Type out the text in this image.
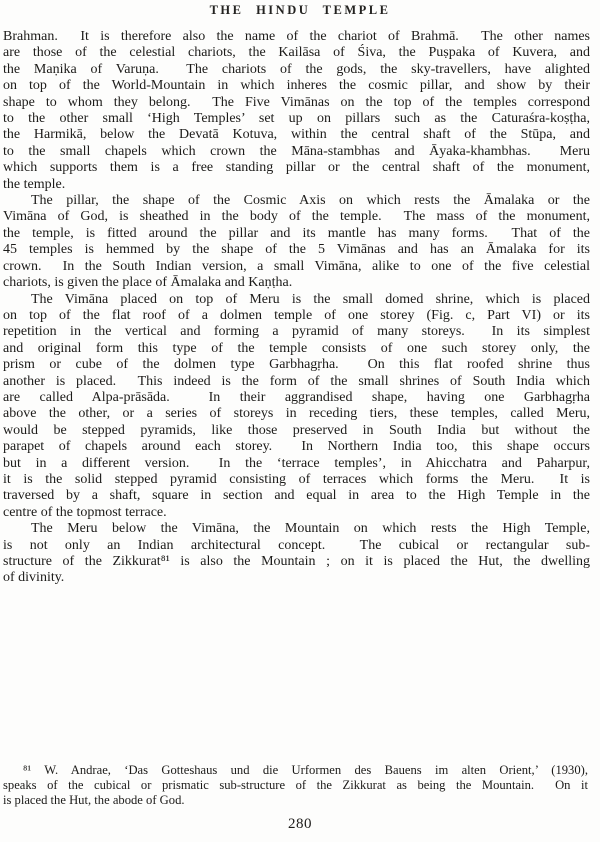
THE HINDU TEMPLE
Brahman.  It is therefore also the name of the chariot of Brahmā.  The other names
are those of the celestial chariots, the Kailāsa of Śiva, the Puṣpaka of Kuvera, and
the Maṇika of Varuṇa.  The chariots of the gods, the sky-travellers, have alighted
on top of the World-Mountain in which inheres the cosmic pillar, and show by their
shape to whom they belong.  The Five Vimānas on the top of the temples correspond
to the other small ‘High Temples’ set up on pillars such as the Caturaśra-koṣṭha,
the Harmikā, below the Devatā Kotuva, within the central shaft of the Stūpa, and
to the small chapels which crown the Māna-stambhas and Āyaka-khambhas.  Meru
which supports them is a free standing pillar or the central shaft of the monument,
the temple.
The pillar, the shape of the Cosmic Axis on which rests the Āmalaka or the
Vimāna of God, is sheathed in the body of the temple.  The mass of the monument,
the temple, is fitted around the pillar and its mantle has many forms.  That of the
45 temples is hemmed by the shape of the 5 Vimānas and has an Āmalaka for its
crown.  In the South Indian version, a small Vimāna, alike to one of the five celestial
chariots, is given the place of Āmalaka and Kaṇṭha.
The Vimāna placed on top of Meru is the small domed shrine, which is placed
on top of the flat roof of a dolmen temple of one storey (Fig. c, Part VI) or its
repetition in the vertical and forming a pyramid of many storeys.  In its simplest
and original form this type of the temple consists of one such storey only, the
prism or cube of the dolmen type Garbhagṛha.  On this flat roofed shrine thus
another is placed.  This indeed is the form of the small shrines of South India which
are called Alpa-prāsāda.  In their aggrandised shape, having one Garbhagṛha
above the other, or a series of storeys in receding tiers, these temples, called Meru,
would be stepped pyramids, like those preserved in South India but without the
parapet of chapels around each storey.  In Northern India too, this shape occurs
but in a different version.  In the ‘terrace temples’, in Ahicchatra and Paharpur,
it is the solid stepped pyramid consisting of terraces which forms the Meru.  It is
traversed by a shaft, square in section and equal in area to the High Temple in the
centre of the topmost terrace.
The Meru below the Vimāna, the Mountain on which rests the High Temple,
is not only an Indian architectural concept.  The cubical or rectangular sub-
structure of the Zikkurat⁸¹ is also the Mountain ; on it is placed the Hut, the dwelling
of divinity.
⁸¹ W. Andrae, ‘Das Gotteshaus und die Urformen des Bauens im alten Orient,’ (1930),
speaks of the cubical or prismatic sub-structure of the Zikkurat as being the Mountain.  On it
is placed the Hut, the abode of God.
280
